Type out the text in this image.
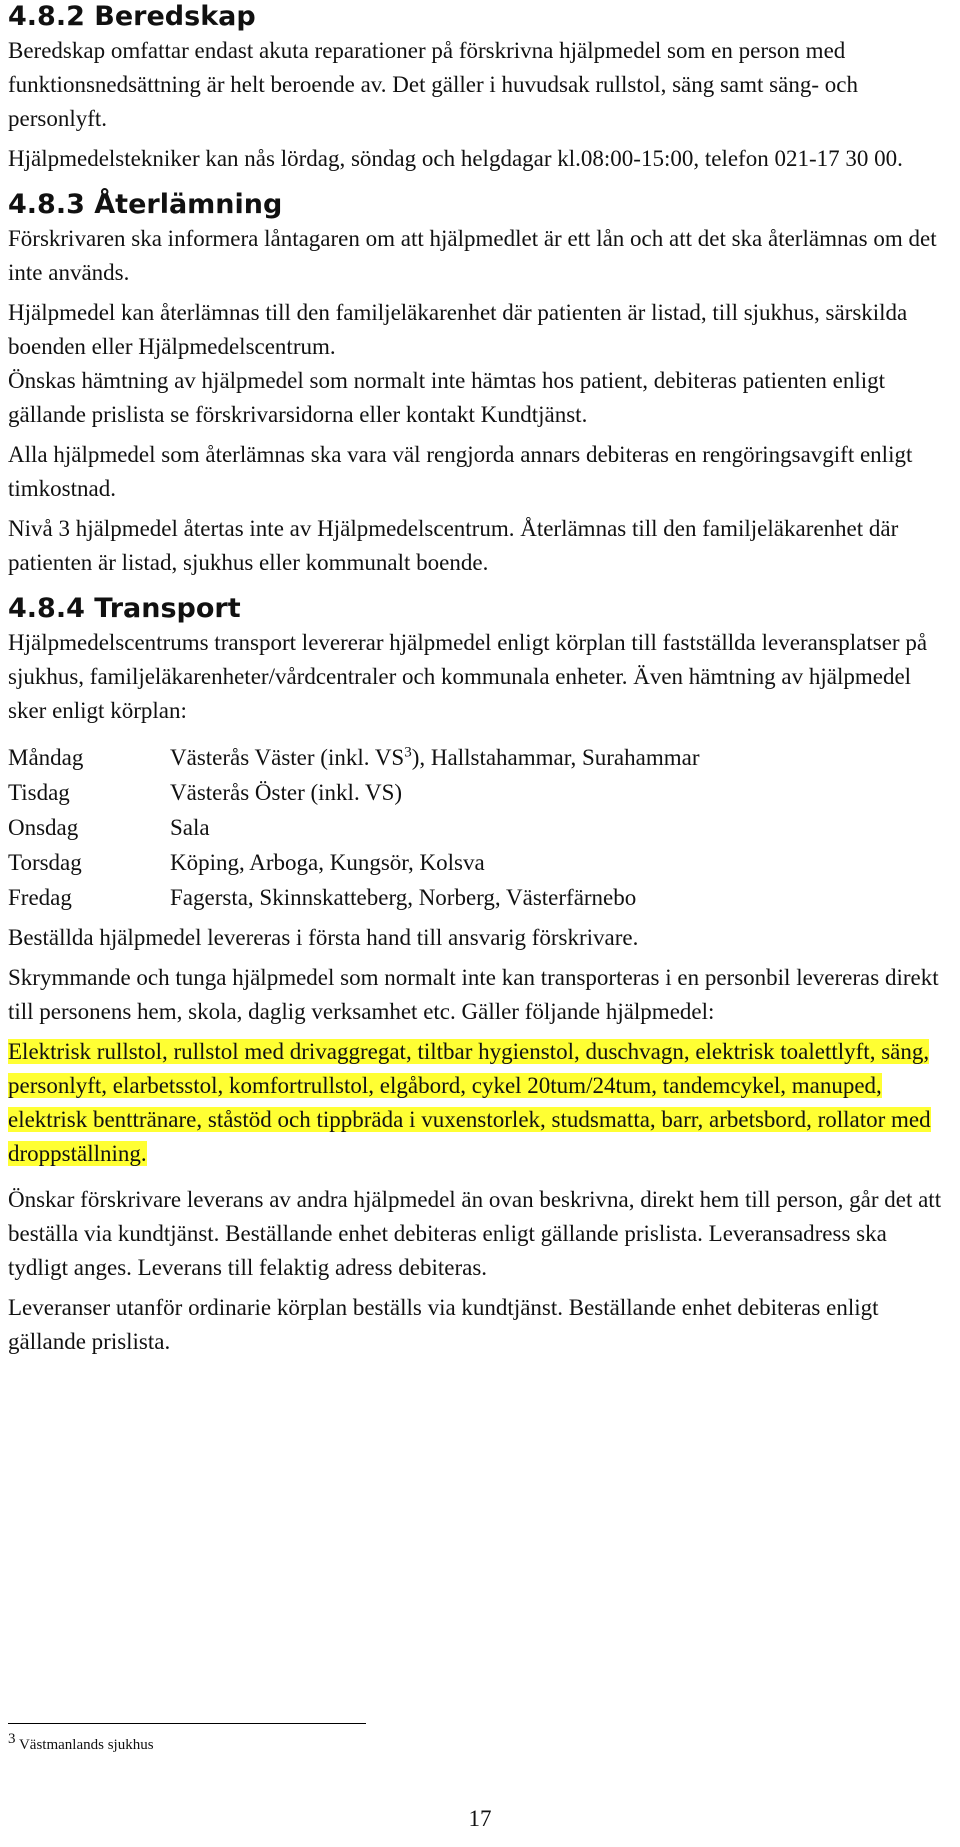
4.8.2 Beredskap

Beredskap omfattar endast akuta reparationer på förskrivna hjälpmedel som en person med funktionsnedsättning är helt beroende av. Det gäller i huvudsak rullstol, säng samt säng- och personlyft.

Hjälpmedelstekniker kan nås lördag, söndag och helgdagar kl.08:00-15:00, telefon 021-17 30 00.

4.8.3 Återlämning

Förskrivaren ska informera låntagaren om att hjälpmedlet är ett lån och att det ska återlämnas om det inte används.

Hjälpmedel kan återlämnas till den familjeläkarenhet där patienten är listad, till sjukhus, särskilda boenden eller Hjälpmedelscentrum.

Önskas hämtning av hjälpmedel som normalt inte hämtas hos patient, debiteras patienten enligt gällande prislista se förskrivarsidorna eller kontakt Kundtjänst.

Alla hjälpmedel som återlämnas ska vara väl rengjorda annars debiteras en rengöringsavgift enligt timkostnad.

Nivå 3 hjälpmedel återtas inte av Hjälpmedelscentrum. Återlämnas till den familjeläkarenhet där patienten är listad, sjukhus eller kommunalt boende.

4.8.4 Transport

Hjälpmedelscentrums transport levererar hjälpmedel enligt körplan till fastställda leveransplatser på sjukhus, familjeläkarenheter/vårdcentraler och kommunala enheter. Även hämtning av hjälpmedel sker enligt körplan:

Måndag	Västerås Väster (inkl. $VS^3$), Hallstahammar, Surahammar
Tisdag	Västerås Öster (inkl. VS)
Onsdag	Sala
Torsdag	Köping, Arboga, Kungsör, Kolsva
Fredag	Fagersta, Skinnskatteberg, Norberg, Västerfärnebo

Beställda hjälpmedel levereras i första hand till ansvarig förskrivare.

Skrymmande och tunga hjälpmedel som normalt inte kan transporteras i en personbil levereras direkt till personens hem, skola, daglig verksamhet etc. Gäller följande hjälpmedel:

Elektrisk rullstol, rullstol med drivaggregat, tiltbar hygienstol, duschvagn, elektrisk toalettlyft, säng, personlyft, elarbetsstol, komfortrullstol, elgåbord, cykel 20tum/24tum, tandemcykel, manuped, elektrisk benttränare, ståstöd och tippbräda i vuxenstorlek, studsmatta, barr, arbetsbord, rollator med droppställning.

Önskar förskrivare leverans av andra hjälpmedel än ovan beskrivna, direkt hem till person, går det att beställa via kundtjänst. Beställande enhet debiteras enligt gällande prislista. Leveransadress ska tydligt anges. Leverans till felaktig adress debiteras.

Leveranser utanför ordinarie körplan beställs via kundtjänst. Beställande enhet debiteras enligt gällande prislista.

$^3$ Västmanlands sjukhus
17
